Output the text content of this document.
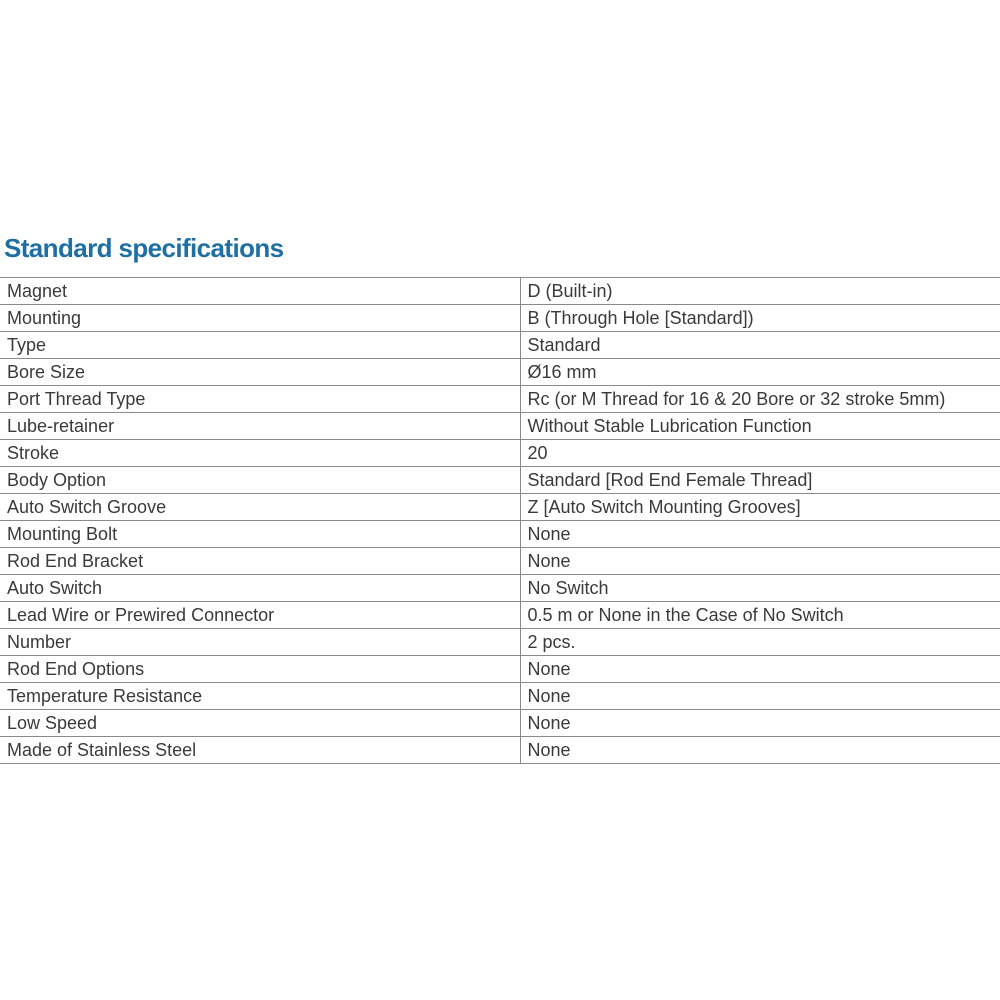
Standard specifications
Magnet	D (Built-in)
Mounting	B (Through Hole [Standard])
Type	Standard
Bore Size	Ø16 mm
Port Thread Type	Rc (or M Thread for 16 & 20 Bore or 32 stroke 5mm)
Lube-retainer	Without Stable Lubrication Function
Stroke	20
Body Option	Standard [Rod End Female Thread]
Auto Switch Groove	Z [Auto Switch Mounting Grooves]
Mounting Bolt	None
Rod End Bracket	None
Auto Switch	No Switch
Lead Wire or Prewired Connector	0.5 m or None in the Case of No Switch
Number	2 pcs.
Rod End Options	None
Temperature Resistance	None
Low Speed	None
Made of Stainless Steel	None
